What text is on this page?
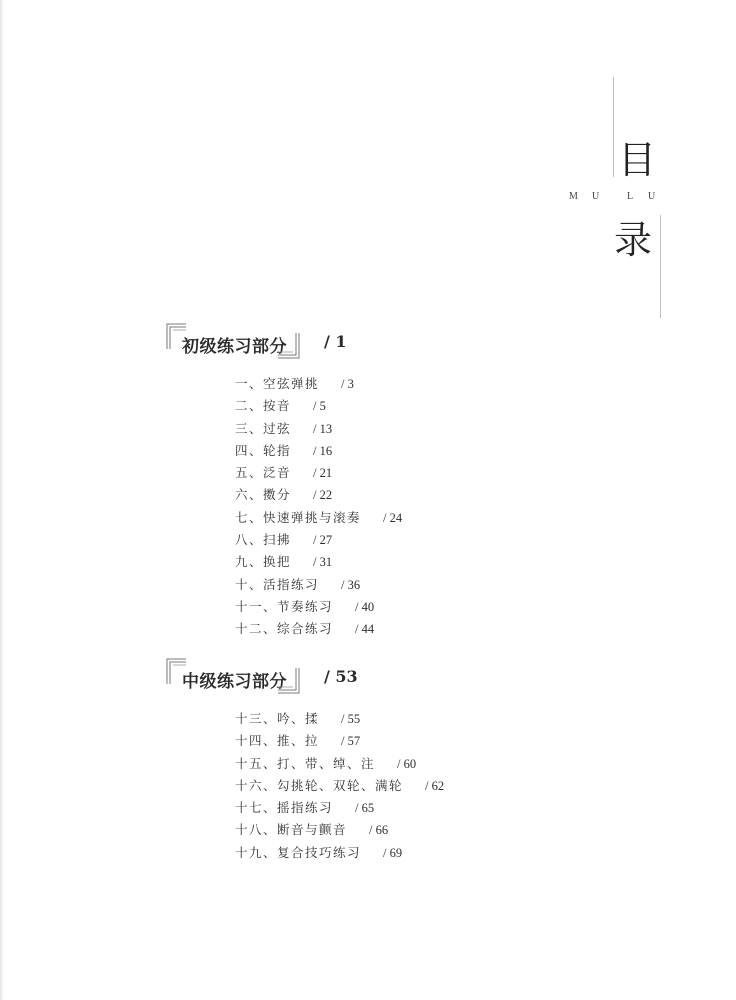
目
录
M U	L U
初级练习部分 / 1
一、空弦弹挑 / 3
二、按音 / 5
三、过弦 / 13
四、轮指 / 16
五、泛音 / 21
六、擞分 / 22
七、快速弹挑与滚奏 / 24
八、扫拂 / 27
九、换把 / 31
十、活指练习 / 36
十一、节奏练习 / 40
十二、综合练习 / 44
中级练习部分 / 53
十三、吟、揉 / 55
十四、推、拉 / 57
十五、打、带、绰、注 / 60
十六、勾挑轮、双轮、满轮 / 62
十七、摇指练习 / 65
十八、断音与颤音 / 66
十九、复合技巧练习 / 69
